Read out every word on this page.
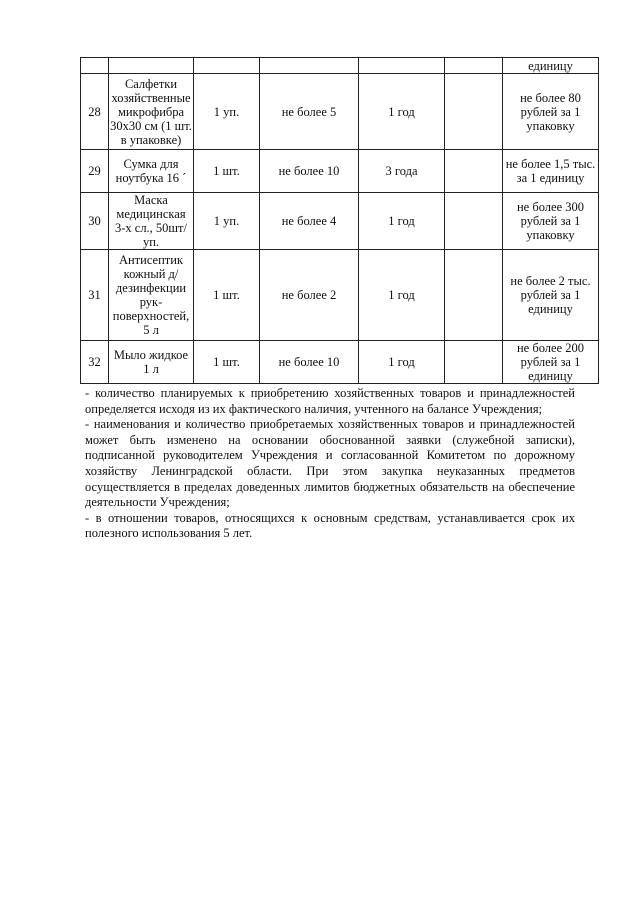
						единицу
28	Салфетки хозяйственные микрофибра 30х30 см (1 шт. в упаковке)	1 уп.	не более 5	1 год		не более 80 рублей за 1 упаковку
29	Сумка для ноутбука 16 ´	1 шт.	не более 10	3 года		не более 1,5 тыс. за 1 единицу
30	Маска медицинская 3-х сл., 50шт/уп.	1 уп.	не более 4	1 год		не более 300 рублей за 1 упаковку
31	Антисептик кожный д/дезинфекции рук-поверхностей, 5 л	1 шт.	не более 2	1 год		не более 2 тыс. рублей за 1 единицу
32	Мыло жидкое 1 л	1 шт.	не более 10	1 год		не более 200 рублей за 1 единицу

- количество планируемых к приобретению хозяйственных товаров и принадлежностей определяется исходя из их фактического наличия, учтенного на балансе Учреждения;

- наименования и количество приобретаемых хозяйственных товаров и принадлежностей может быть изменено на основании обоснованной заявки (служебной записки), подписанной руководителем Учреждения и согласованной Комитетом по дорожному хозяйству Ленинградской области. При этом закупка неуказанных предметов осуществляется в пределах доведенных лимитов бюджетных обязательств на обеспечение деятельности Учреждения;

- в отношении товаров, относящихся к основным средствам, устанавливается срок их полезного использования 5 лет.
